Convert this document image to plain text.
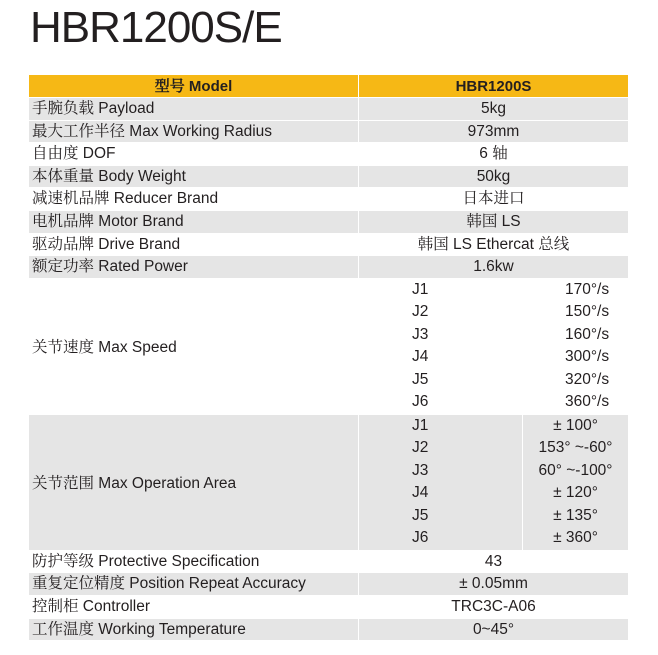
HBR1200S/E
型号 Model	HBR1200S
手腕负载 Payload	5kg
最大工作半径 Max Working Radius	973mm
自由度 DOF	6 轴
本体重量 Body Weight	50kg
减速机品牌 Reducer Brand	日本进口
电机品牌 Motor Brand	韩国 LS
驱动品牌 Drive Brand	韩国 LS Ethercat 总线
额定功率 Rated Power	1.6kw
关节速度 Max Speed
J1	170°/s
J2	150°/s
J3	160°/s
J4	300°/s
J5	320°/s
J6	360°/s
关节范围 Max Operation Area
J1	± 100°
J2	153° ~-60°
J3	60° ~-100°
J4	± 120°
J5	± 135°
J6	± 360°
防护等级 Protective Specification	43
重复定位精度 Position Repeat Accuracy	± 0.05mm
控制柜 Controller	TRC3C-A06
工作温度 Working Temperature	0~45°
